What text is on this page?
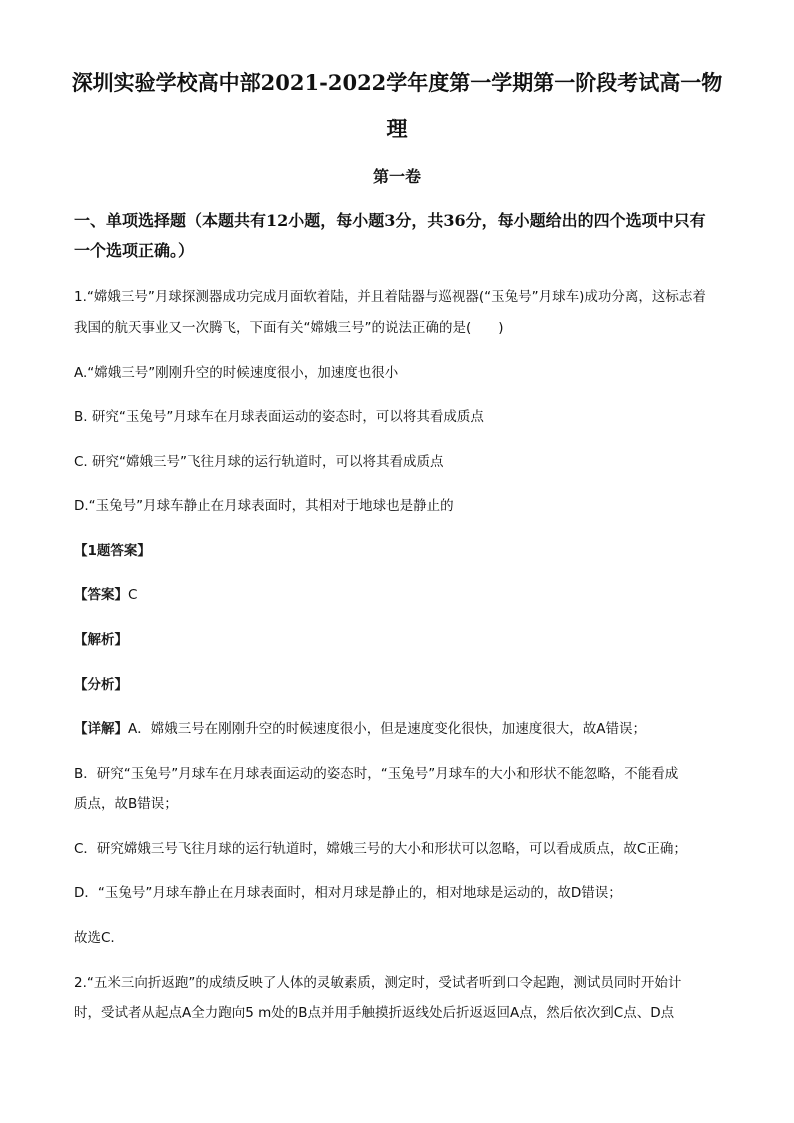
深圳实验学校高中部2021-2022学年度第一学期第一阶段考试高一物
理
第一卷
一、单项选择题（本题共有12小题，每小题3分，共36分，每小题给出的四个选项中只有
一个选项正确。）
1.“嫦娥三号”月球探测器成功完成月面软着陆，并且着陆器与巡视器(“玉兔号”月球车)成功分离，这标志着
我国的航天事业又一次腾飞，下面有关“嫦娥三号”的说法正确的是(　　)
A.“嫦娥三号”刚刚升空的时候速度很小，加速度也很小
B. 研究“玉兔号”月球车在月球表面运动的姿态时，可以将其看成质点
C. 研究“嫦娥三号”飞往月球的运行轨道时，可以将其看成质点
D.“玉兔号”月球车静止在月球表面时，其相对于地球也是静止的
【1题答案】
【答案】C
【解析】
【分析】
【详解】A．嫦娥三号在刚刚升空的时候速度很小，但是速度变化很快，加速度很大，故A错误；
B．研究“玉兔号”月球车在月球表面运动的姿态时，“玉兔号”月球车的大小和形状不能忽略，不能看成
质点，故B错误；
C．研究嫦娥三号飞往月球的运行轨道时，嫦娥三号的大小和形状可以忽略，可以看成质点，故C正确；
D．“玉兔号”月球车静止在月球表面时，相对月球是静止的，相对地球是运动的，故D错误；
故选C.
2.“五米三向折返跑”的成绩反映了人体的灵敏素质，测定时，受试者听到口令起跑，测试员同时开始计
时，受试者从起点A全力跑向5 m处的B点并用手触摸折返线处后折返返回A点，然后依次到C点、D点
